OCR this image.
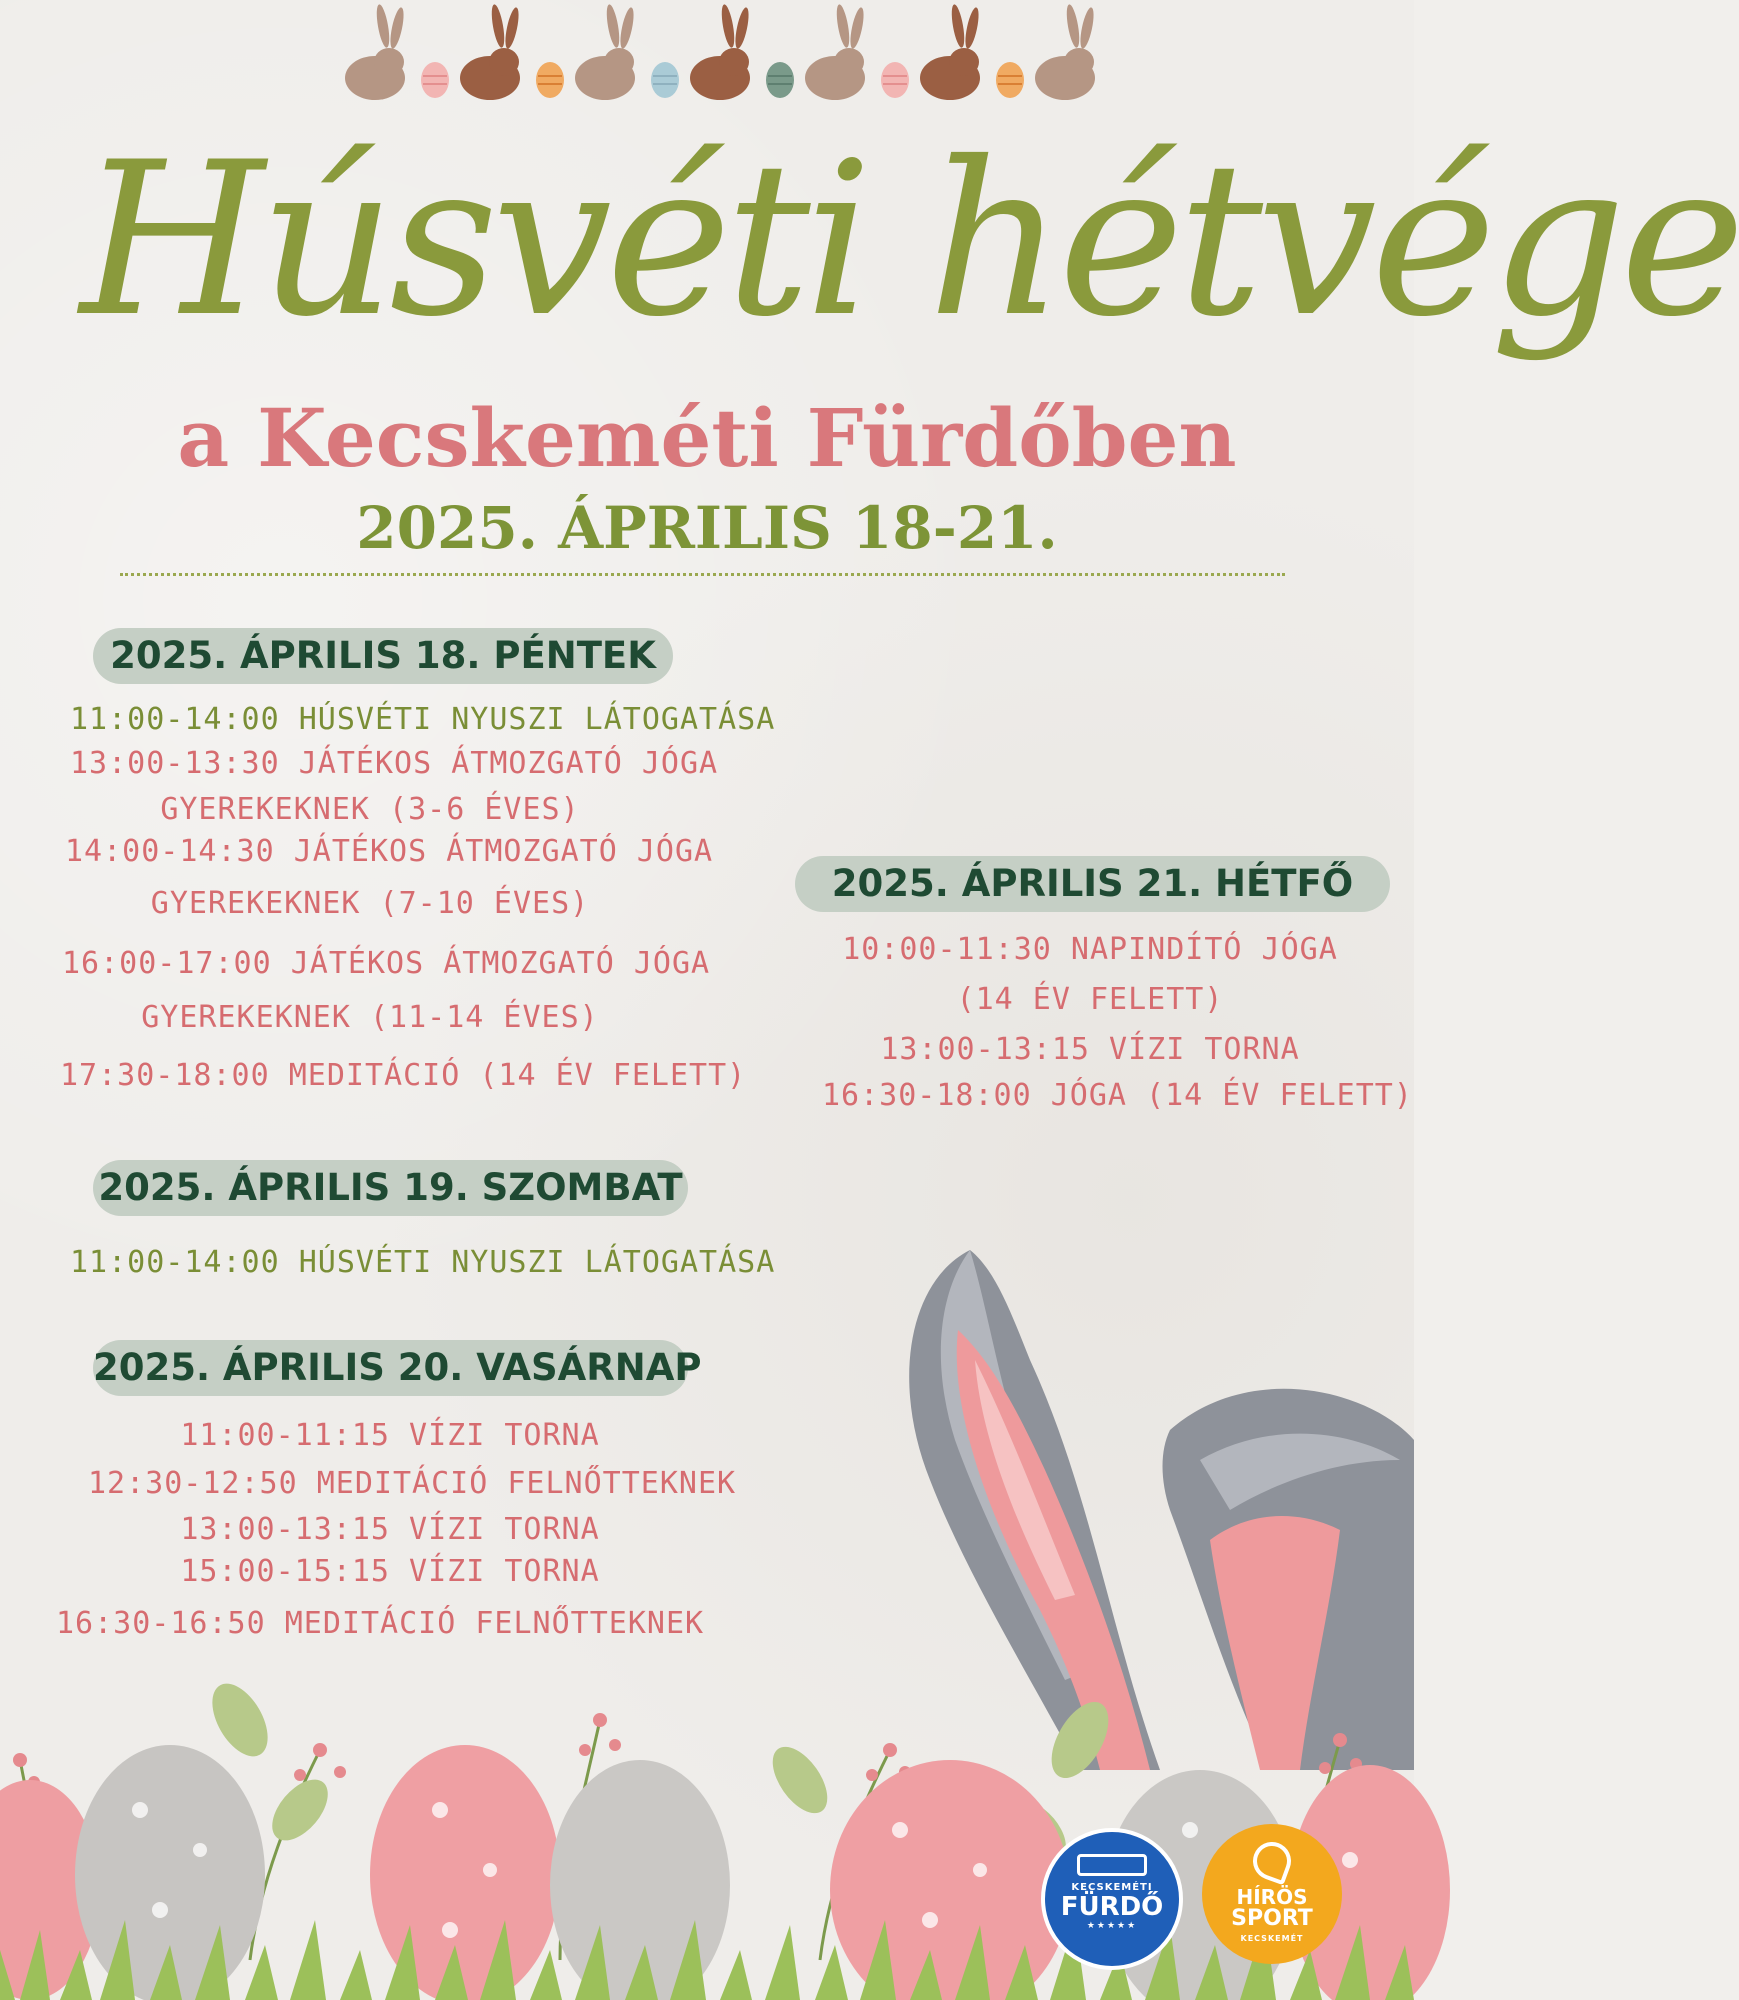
Húsvéti hétvége
a Kecskeméti Fürdőben
2025. ÁPRILIS 18-21.
2025. ÁPRILIS 18. PÉNTEK
11:00-14:00 HÚSVÉTI NYUSZI LÁTOGATÁSA
13:00-13:30 JÁTÉKOS ÁTMOZGATÓ JÓGA
GYEREKEKNEK (3-6 ÉVES)
14:00-14:30 JÁTÉKOS ÁTMOZGATÓ JÓGA
GYEREKEKNEK (7-10 ÉVES)
16:00-17:00 JÁTÉKOS ÁTMOZGATÓ JÓGA
GYEREKEKNEK (11-14 ÉVES)
17:30-18:00 MEDITÁCIÓ (14 ÉV FELETT)
2025. ÁPRILIS 21. HÉTFŐ
10:00-11:30 NAPINDÍTÓ JÓGA
(14 ÉV FELETT)
13:00-13:15 VÍZI TORNA
16:30-18:00 JÓGA (14 ÉV FELETT)
2025. ÁPRILIS 19. SZOMBAT
11:00-14:00 HÚSVÉTI NYUSZI LÁTOGATÁSA
2025. ÁPRILIS 20. VASÁRNAP
11:00-11:15 VÍZI TORNA
12:30-12:50 MEDITÁCIÓ FELNŐTTEKNEK
13:00-13:15 VÍZI TORNA
15:00-15:15 VÍZI TORNA
16:30-16:50 MEDITÁCIÓ FELNŐTTEKNEK
KECSKEMÉTI
FÜRDŐ
★★★★★
HÍRÖS
SPORT
KECSKEMÉT
